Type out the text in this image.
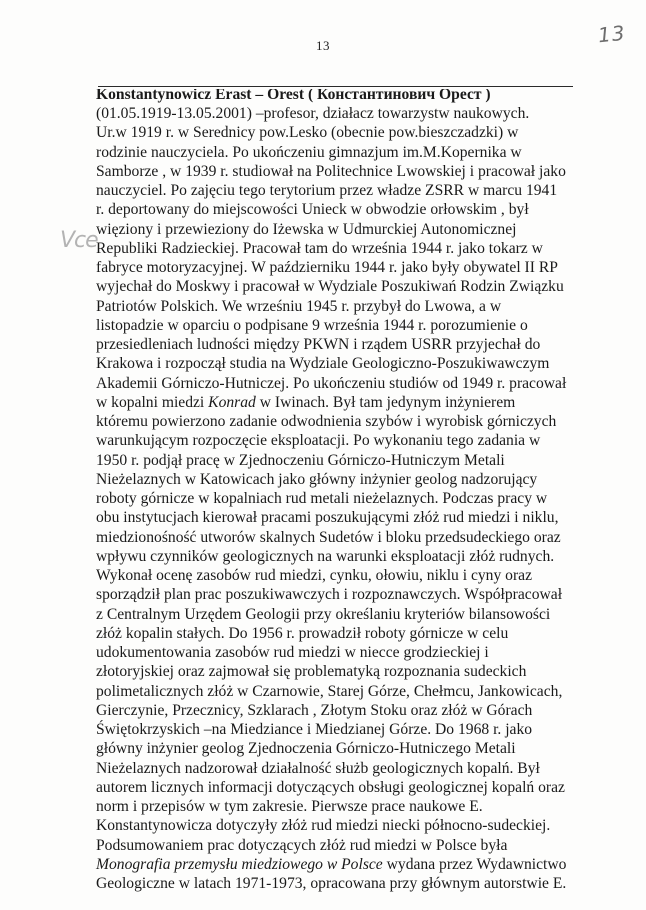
13	13
Vce
Konstantynowicz Erast – Orest ( Константинович Орест )
(01.05.1919-13.05.2001) –profesor, działacz towarzystw naukowych.
Ur.w 1919 r. w Serednicy pow.Lesko (obecnie pow.bieszczadzki) w
rodzinie nauczyciela. Po ukończeniu gimnazjum im.M.Kopernika w
Samborze , w 1939 r. studiował na Politechnice Lwowskiej i pracował jako
nauczyciel. Po zajęciu tego terytorium przez władze ZSRR w marcu 1941
r. deportowany do miejscowości Unieck w obwodzie orłowskim , był
więziony i przewieziony do Iżewska w Udmurckiej Autonomicznej
Republiki Radzieckiej. Pracował tam do września 1944 r. jako tokarz w
fabryce motoryzacyjnej. W październiku 1944 r. jako były obywatel II RP
wyjechał do Moskwy i pracował w Wydziale Poszukiwań Rodzin Związku
Patriotów Polskich. We wrześniu 1945 r. przybył do Lwowa, a w
listopadzie w oparciu o podpisane 9 września 1944 r. porozumienie o
przesiedleniach ludności między PKWN i rządem USRR przyjechał do
Krakowa i rozpoczął studia na Wydziale Geologiczno-Poszukiwawczym
Akademii Górniczo-Hutniczej. Po ukończeniu studiów od 1949 r. pracował
w kopalni miedzi Konrad w Iwinach. Był tam jedynym inżynierem
któremu powierzono zadanie odwodnienia szybów i wyrobisk górniczych
warunkującym rozpoczęcie eksploatacji. Po wykonaniu tego zadania w
1950 r. podjął pracę w Zjednoczeniu Górniczo-Hutniczym Metali
Nieżelaznych w Katowicach jako główny inżynier geolog nadzorujący
roboty górnicze w kopalniach rud metali nieżelaznych. Podczas pracy w
obu instytucjach kierował pracami poszukującymi złóż rud miedzi i niklu,
miedzionośność utworów skalnych Sudetów i bloku przedsudeckiego oraz
wpływu czynników geologicznych na warunki eksploatacji złóż rudnych.
Wykonał ocenę zasobów rud miedzi, cynku, ołowiu, niklu i cyny oraz
sporządził plan prac poszukiwawczych i rozpoznawczych. Współpracował
z Centralnym Urzędem Geologii przy określaniu kryteriów bilansowości
złóż kopalin stałych. Do 1956 r. prowadził roboty górnicze w celu
udokumentowania zasobów rud miedzi w niecce grodzieckiej i
złotoryjskiej oraz zajmował się problematyką rozpoznania sudeckich
polimetalicznych złóż w Czarnowie, Starej Górze, Chełmcu, Jankowicach,
Gierczynie, Przecznicy, Szklarach , Złotym Stoku oraz złóż w Górach
Świętokrzyskich –na Miedziance i Miedzianej Górze. Do 1968 r. jako
główny inżynier geolog Zjednoczenia Górniczo-Hutniczego Metali
Nieżelaznych nadzorował działalność służb geologicznych kopalń. Był
autorem licznych informacji dotyczących obsługi geologicznej kopalń oraz
norm i przepisów w tym zakresie. Pierwsze prace naukowe E.
Konstantynowicza dotyczyły złóż rud miedzi niecki północno-sudeckiej.
Podsumowaniem prac dotyczących złóż rud miedzi w Polsce była
Monografia przemysłu miedziowego w Polsce wydana przez Wydawnictwo
Geologiczne w latach 1971-1973, opracowana przy głównym autorstwie E.
